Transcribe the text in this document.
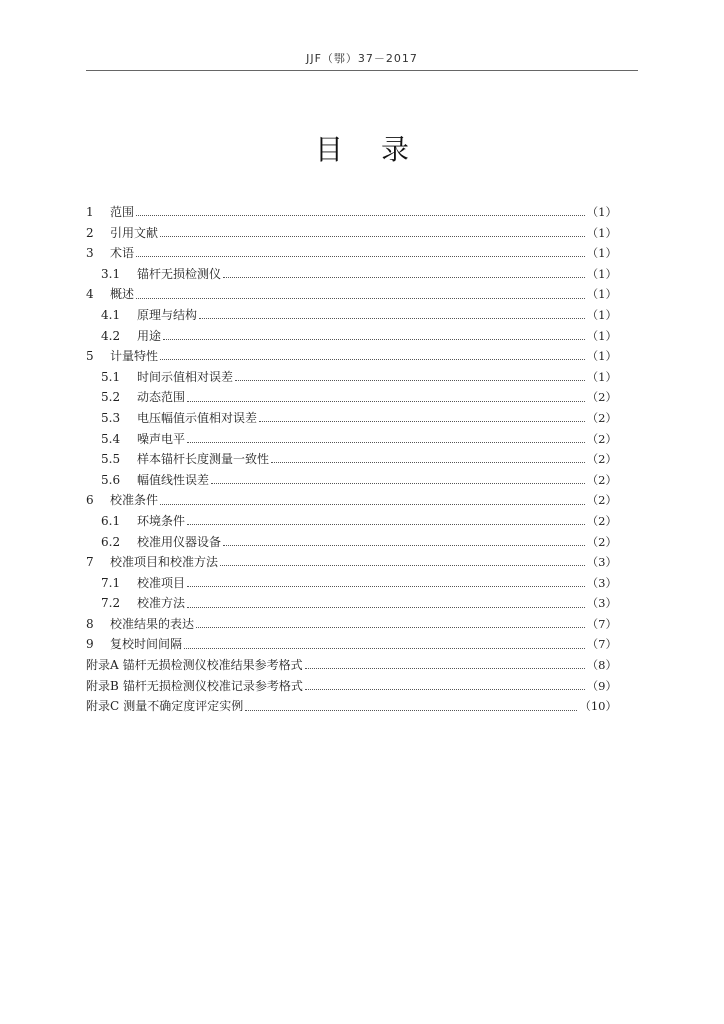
JJF（鄂）37－2017
目录
1	范围	（1）
2	引用文献	（1）
3	术语	（1）
3.1	锚杆无损检测仪	（1）
4	概述	（1）
4.1	原理与结构	（1）
4.2	用途	（1）
5	计量特性	（1）
5.1	时间示值相对误差	（1）
5.2	动态范围	（2）
5.3	电压幅值示值相对误差	（2）
5.4	噪声电平	（2）
5.5	样本锚杆长度测量一致性	（2）
5.6	幅值线性误差	（2）
6	校准条件	（2）
6.1	环境条件	（2）
6.2	校准用仪器设备	（2）
7	校准项目和校准方法	（3）
7.1	校准项目	（3）
7.2	校准方法	（3）
8	校准结果的表达	（7）
9	复校时间间隔	（7）
附录A 锚杆无损检测仪校准结果参考格式	（8）
附录B 锚杆无损检测仪校准记录参考格式	（9）
附录C 测量不确定度评定实例	（10）
